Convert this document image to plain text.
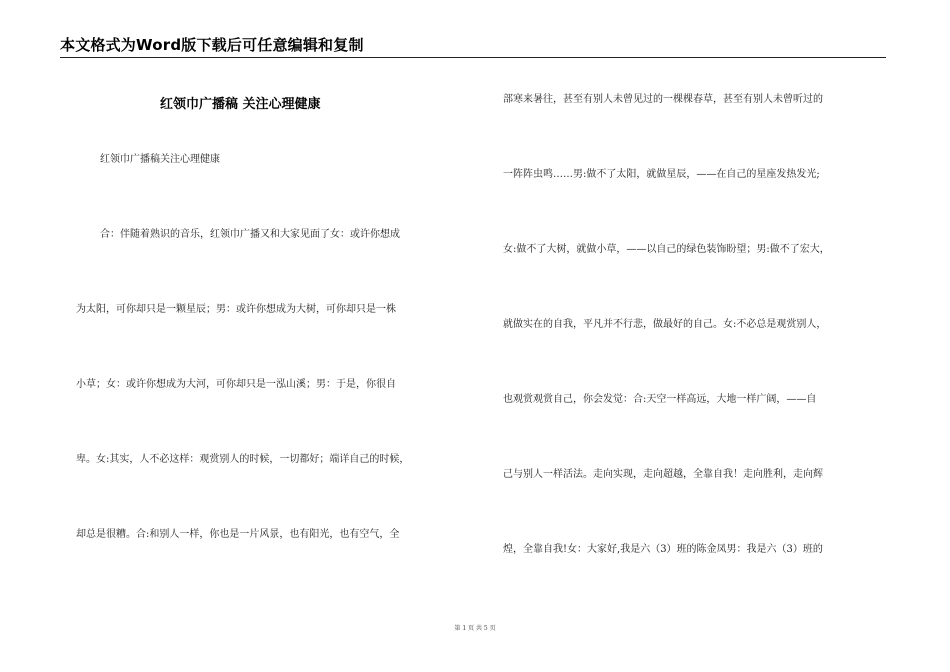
本文格式为Word版下载后可任意编辑和复制
红领巾广播稿 关注心理健康
红领巾广播稿关注心理健康
合：伴随着熟识的音乐，红领巾广播又和大家见面了女：或许你想成
为太阳，可你却只是一颗星辰；男：或许你想成为大树，可你却只是一株
小草；女：或许你想成为大河，可你却只是一泓山溪；男：于是，你很自
卑。女:其实，人不必这样：观赏别人的时候，一切都好；端详自己的时候，
却总是很糟。合:和别人一样，你也是一片风景，也有阳光，也有空气，全
部寒来暑往，甚至有别人未曾见过的一棵棵春草，甚至有别人未曾听过的
一阵阵虫鸣……男:做不了太阳，就做星辰，——在自己的星座发热发光;
女:做不了大树，就做小草，——以自己的绿色装饰盼望；男:做不了宏大，
就做实在的自我，平凡并不行悲，做最好的自己。女:不必总是观赏别人，
也观赏观赏自己，你会发觉：合:天空一样高远，大地一样广阔，——自
己与别人一样活法。走向实现，走向超越，全靠自我！走向胜利，走向辉
煌，全靠自我!女：大家好,我是六（3）班的陈金凤男：我是六（3）班的
第 1 页 共 5 页
